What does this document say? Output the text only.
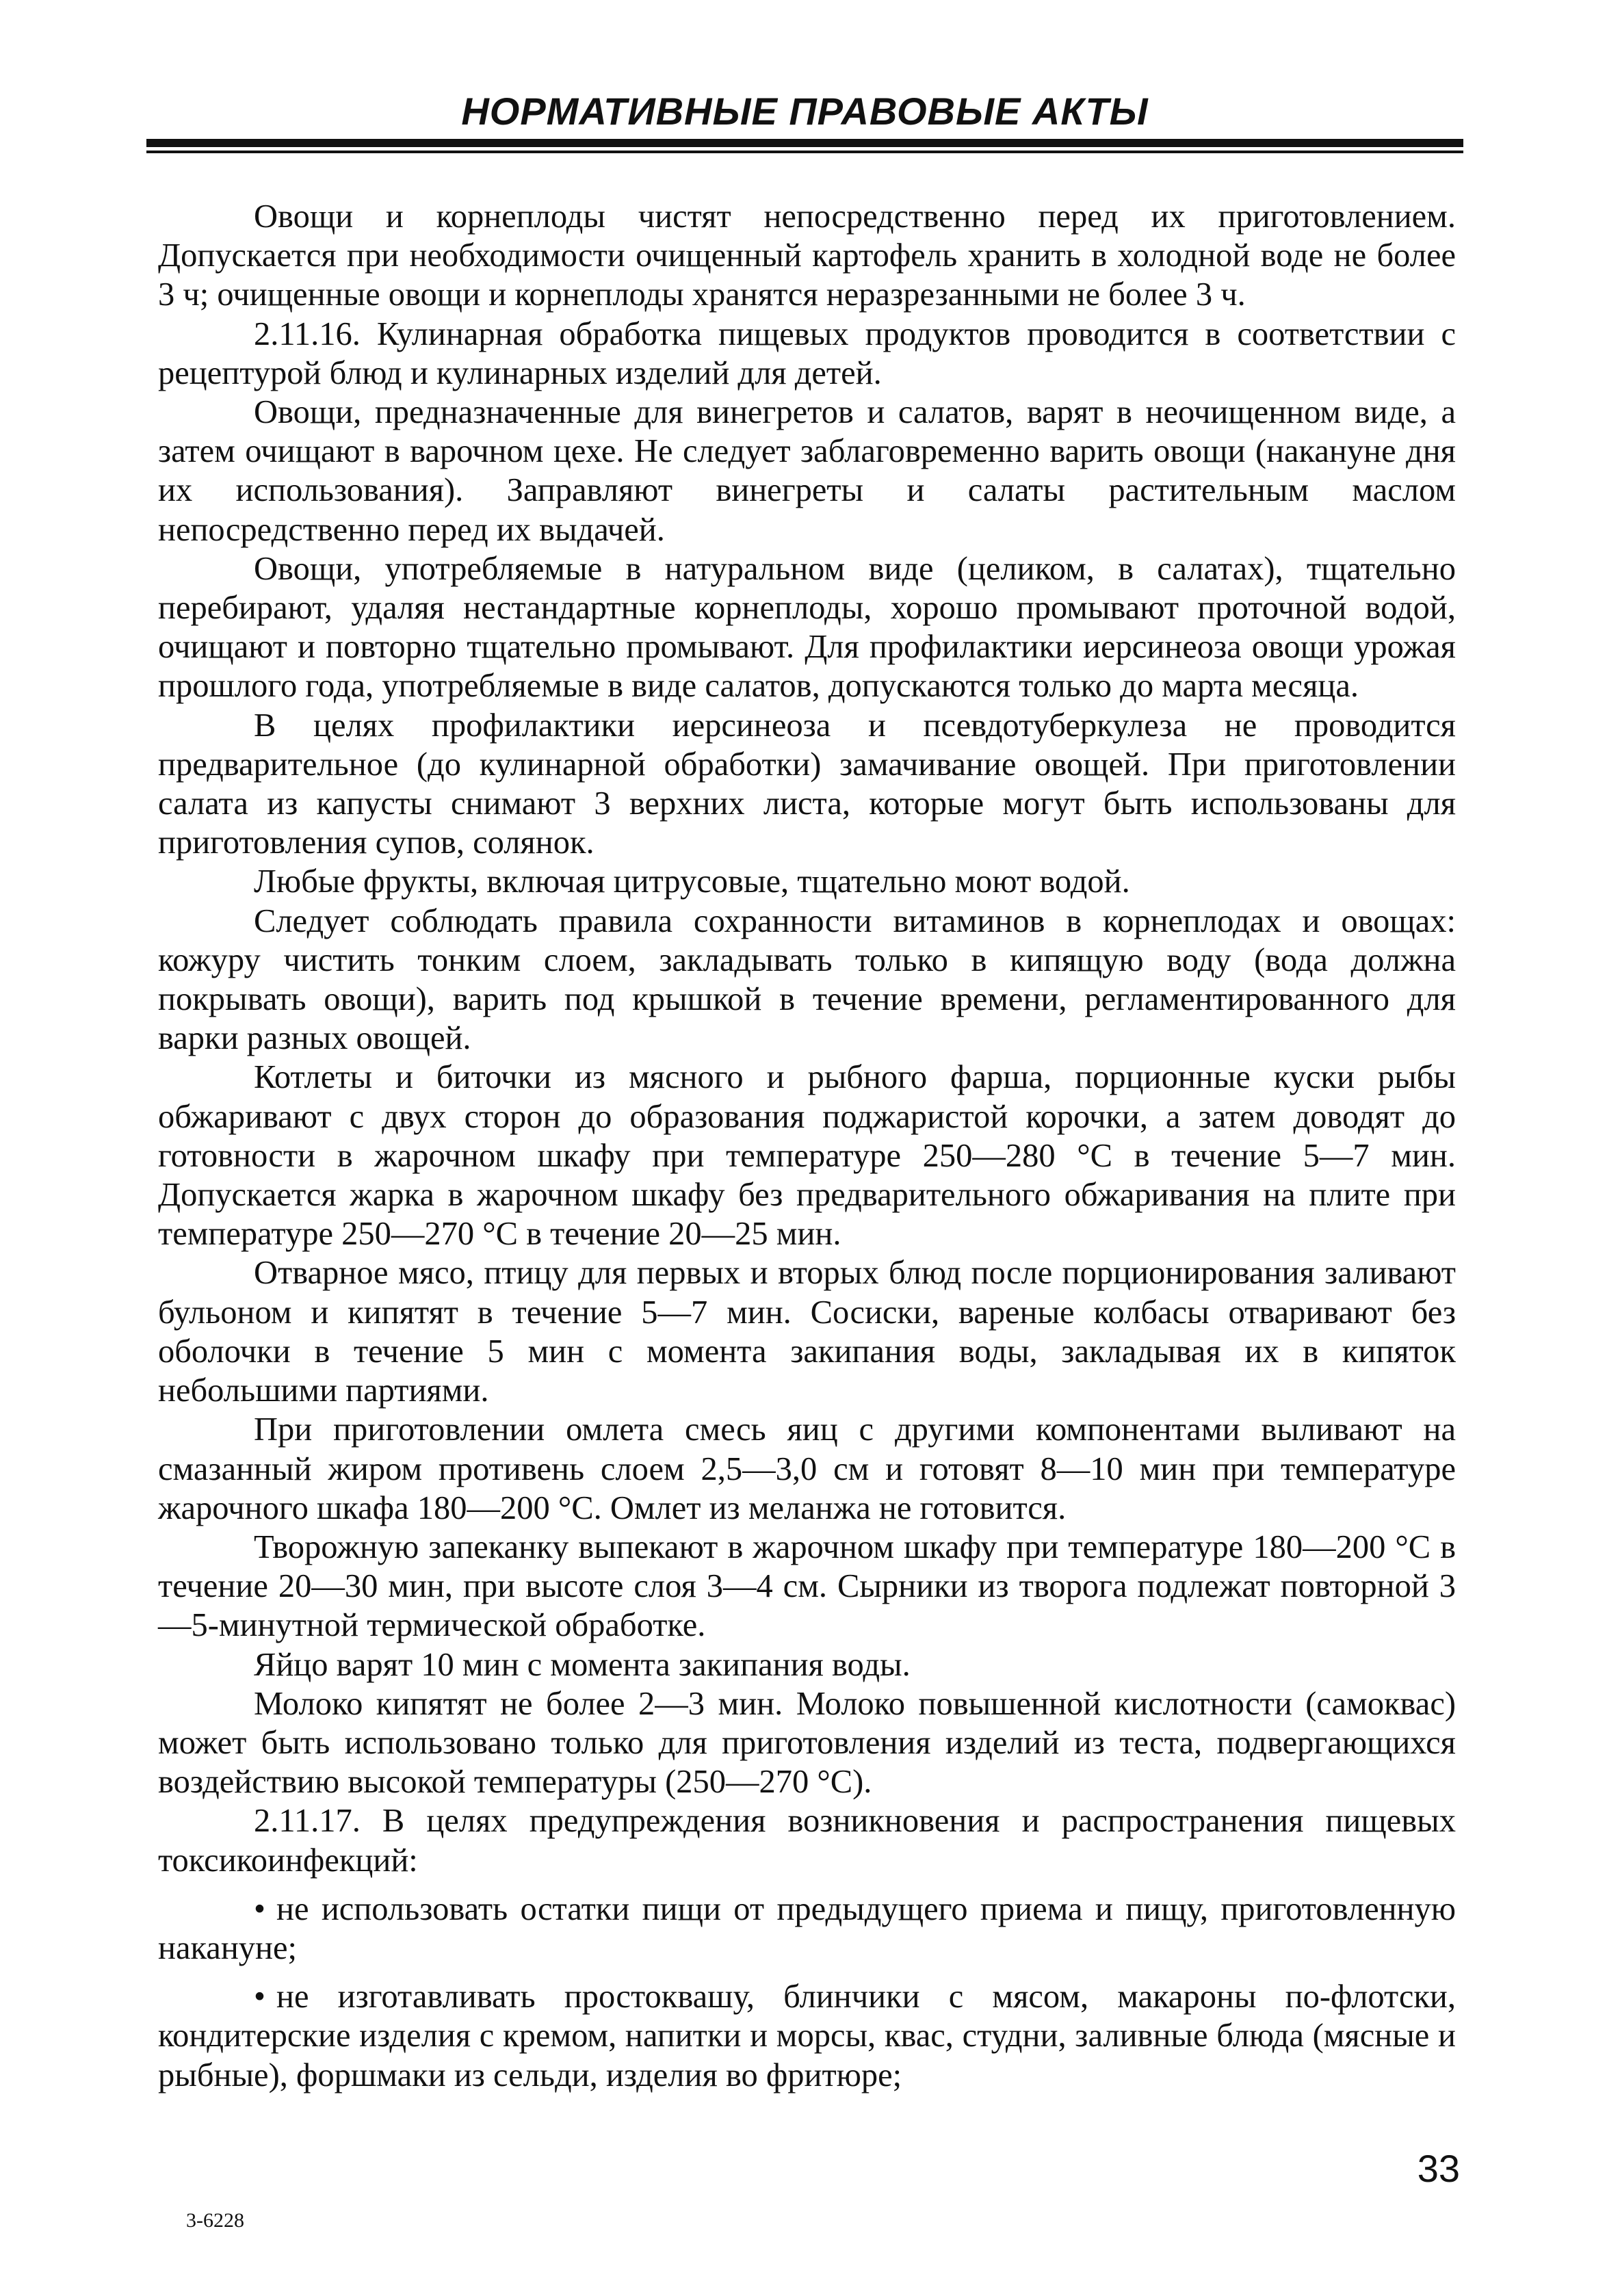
НОРМАТИВНЫЕ ПРАВОВЫЕ АКТЫ

Овощи и корнеплоды чистят непосредственно перед их приготовлением. Допускается при необходимости очищенный картофель хранить в холодной воде не более 3 ч; очищенные овощи и корнеплоды хранятся неразрезанными не более 3 ч.

2.11.16. Кулинарная обработка пищевых продуктов проводится в соответствии с рецептурой блюд и кулинарных изделий для детей.

Овощи, предназначенные для винегретов и салатов, варят в неочищенном виде, а затем очищают в варочном цехе. Не следует заблаговременно варить овощи (накануне дня их использования). Заправляют винегреты и салаты растительным маслом непосредственно перед их выдачей.

Овощи, употребляемые в натуральном виде (целиком, в салатах), тщательно перебирают, удаляя нестандартные корнеплоды, хорошо промывают проточной водой, очищают и повторно тщательно промывают. Для профилактики иерсинеоза овощи урожая прошлого года, употребляемые в виде салатов, допускаются только до марта месяца.

В целях профилактики иерсинеоза и псевдотуберкулеза не проводится предварительное (до кулинарной обработки) замачивание овощей. При приготовлении салата из капусты снимают 3 верхних листа, которые могут быть использованы для приготовления супов, солянок.

Любые фрукты, включая цитрусовые, тщательно моют водой.

Следует соблюдать правила сохранности витаминов в корнеплодах и овощах: кожуру чистить тонким слоем, закладывать только в кипящую воду (вода должна покрывать овощи), варить под крышкой в течение времени, регламентированного для варки разных овощей.

Котлеты и биточки из мясного и рыбного фарша, порционные куски рыбы обжаривают с двух сторон до образования поджаристой корочки, а затем доводят до готовности в жарочном шкафу при температуре 250—280 °С в течение 5—7 мин. Допускается жарка в жарочном шкафу без предварительного обжаривания на плите при температуре 250—270 °С в течение 20—25 мин.

Отварное мясо, птицу для первых и вторых блюд после порционирования заливают бульоном и кипятят в течение 5—7 мин. Сосиски, вареные колбасы отваривают без оболочки в течение 5 мин с момента закипания воды, закладывая их в кипяток небольшими партиями.

При приготовлении омлета смесь яиц с другими компонентами выливают на смазанный жиром противень слоем 2,5—3,0 см и готовят 8—10 мин при температуре жарочного шкафа 180—200 °С. Омлет из меланжа не готовится.

Творожную запеканку выпекают в жарочном шкафу при температуре 180—200 °С в течение 20—30 мин, при высоте слоя 3—4 см. Сырники из творога подлежат повторной 3—5-минутной термической обработке.

Яйцо варят 10 мин с момента закипания воды.

Молоко кипятят не более 2—3 мин. Молоко повышенной кислотности (самоквас) может быть использовано только для приготовления изделий из теста, подвергающихся воздействию высокой температуры (250—270 °С).

2.11.17. В целях предупреждения возникновения и распространения пищевых токсикоинфекций:

• не использовать остатки пищи от предыдущего приема и пищу, приготовленную накануне;

• не изготавливать простоквашу, блинчики с мясом, макароны по-флотски, кондитерские изделия с кремом, напитки и морсы, квас, студни, заливные блюда (мясные и рыбные), форшмаки из сельди, изделия во фритюре;

33
3-6228
